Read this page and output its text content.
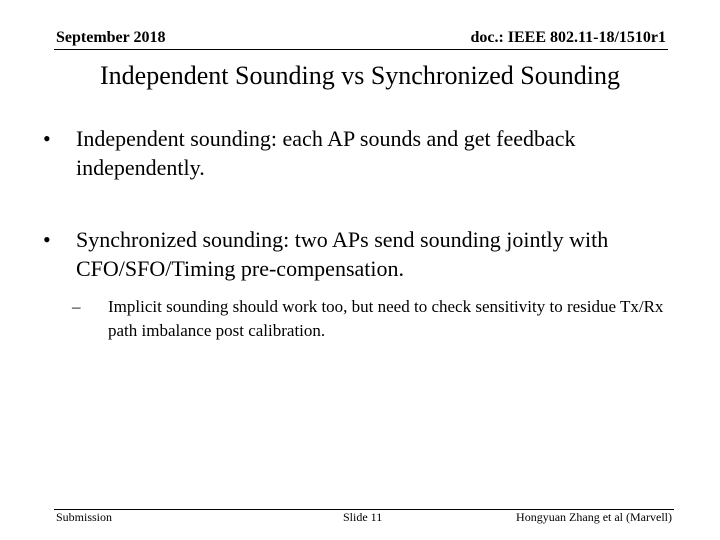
September 2018	doc.: IEEE 802.11-18/1510r1
Independent Sounding vs Synchronized Sounding
• Independent sounding: each AP sounds and get feedback independently.
• Synchronized sounding: two APs send sounding jointly with CFO/SFO/Timing pre-compensation.
– Implicit sounding should work too, but need to check sensitivity to residue Tx/Rx path imbalance post calibration.
Submission	Slide 11	Hongyuan Zhang et al (Marvell)
